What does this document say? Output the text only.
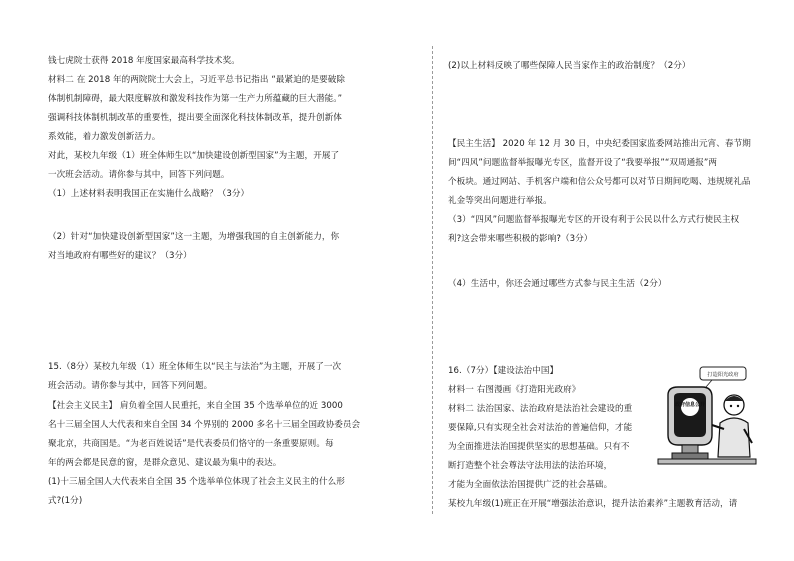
钱七虎院士获得 2018 年度国家最高科学技术奖。
材料二 在 2018 年的两院院士大会上，习近平总书记指出 “最紧迫的是要破除
体制机制障碍，最大限度解放和激发科技作为第一生产力所蕴藏的巨大潜能。”
强调科技体制机制改革的重要性，提出要全面深化科技体制改革，提升创新体
系效能，着力激发创新活力。
对此，某校九年级（1）班全体师生以“加快建设创新型国家”为主题，开展了
一次班会活动。请你参与其中，回答下列问题。
（1）上述材料表明我国正在实施什么战略？（3分）
（2）针对“加快建设创新型国家”这一主题，为增强我国的自主创新能力，你
对当地政府有哪些好的建议？（3分）
15.（8分）某校九年级（1）班全体师生以“民主与法治”为主题，开展了一次
班会活动。请你参与其中，回答下列问题。
【社会主义民主】 肩负着全国人民重托，来自全国 35 个选举单位的近 3000
名十三届全国人大代表和来自全国 34 个界别的 2000 多名十三届全国政协委员会
聚北京，共商国是。“为老百姓说话”是代表委员们恪守的一条重要原则。每
年的两会都是民意的窗，是群众意见、建议最为集中的表达。
(1)十三届全国人大代表来自全国 35 个选举单位体现了社会主义民主的什么形
式?(1分)
(2)以上材料反映了哪些保障人民当家作主的政治制度？（2分）
【民主生活】 2020 年 12 月 30 日，中央纪委国家监委网站推出元宵、春节期
间“四风”问题监督举报曝光专区，监督开设了“我要举报”“双周通报”两
个板块。通过网站、手机客户端和信公众号都可以对节日期间吃喝、违规规礼品
礼金等突出问题进行举报。
（3）“四风”问题监督举报曝光专区的开设有利于公民以什么方式行使民主权
利?这会带来哪些积极的影响?（3分）
（4）生活中，你还会通过哪些方式参与民主生活（2分）
16.（7分）【建设法治中国】
材料一 右图漫画《打造阳光政府》
材料二 法治国家、法治政府是法治社会建设的重
要保障,只有实现全社会对法治的普遍信仰，才能
为全面推进法治国提供坚实的思想基础。只有不
断打造整个社会尊法守法用法的法治环境，
才能为全面依法治国提供广泛的社会基础。
某校九年级(1)班正在开展“增强法治意识，提升法治素养”主题教育活动，请
打造阳光政府
政府信息公开
